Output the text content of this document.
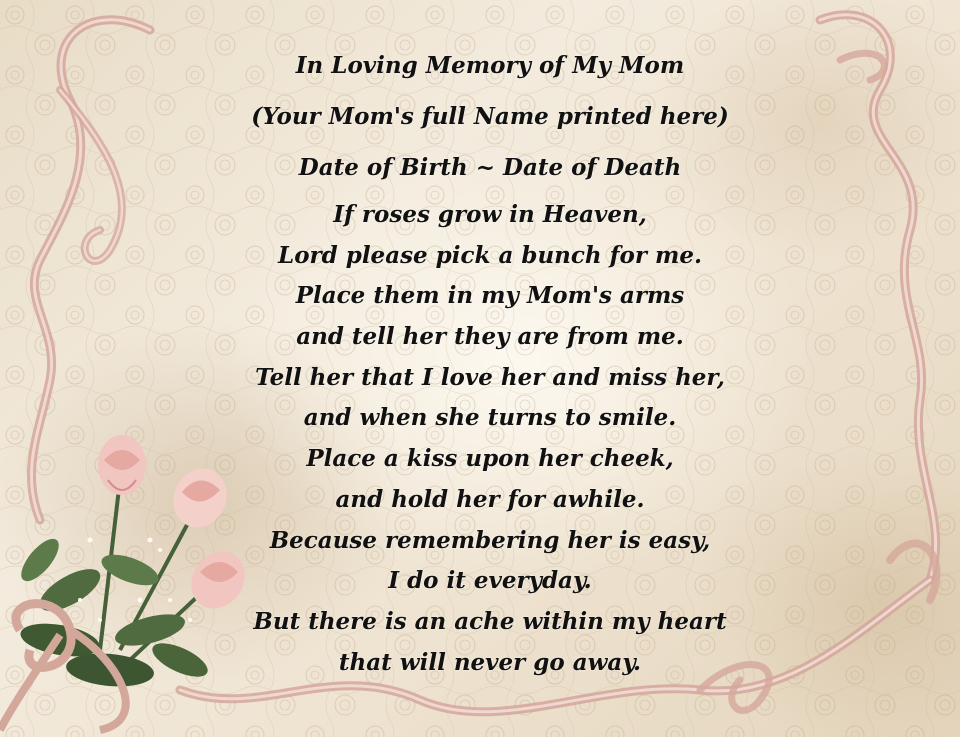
In Loving Memory of My Mom
(Your Mom's full Name printed here)
Date of Birth ~ Date of Death
If roses grow in Heaven,
Lord please pick a bunch for me.
Place them in my Mom's arms
and tell her they are from me.
Tell her that I love her and miss her,
and when she turns to smile.
Place a kiss upon her cheek,
and hold her for awhile.
Because remembering her is easy,
I do it everyday.
But there is an ache within my heart
that will never go away.
